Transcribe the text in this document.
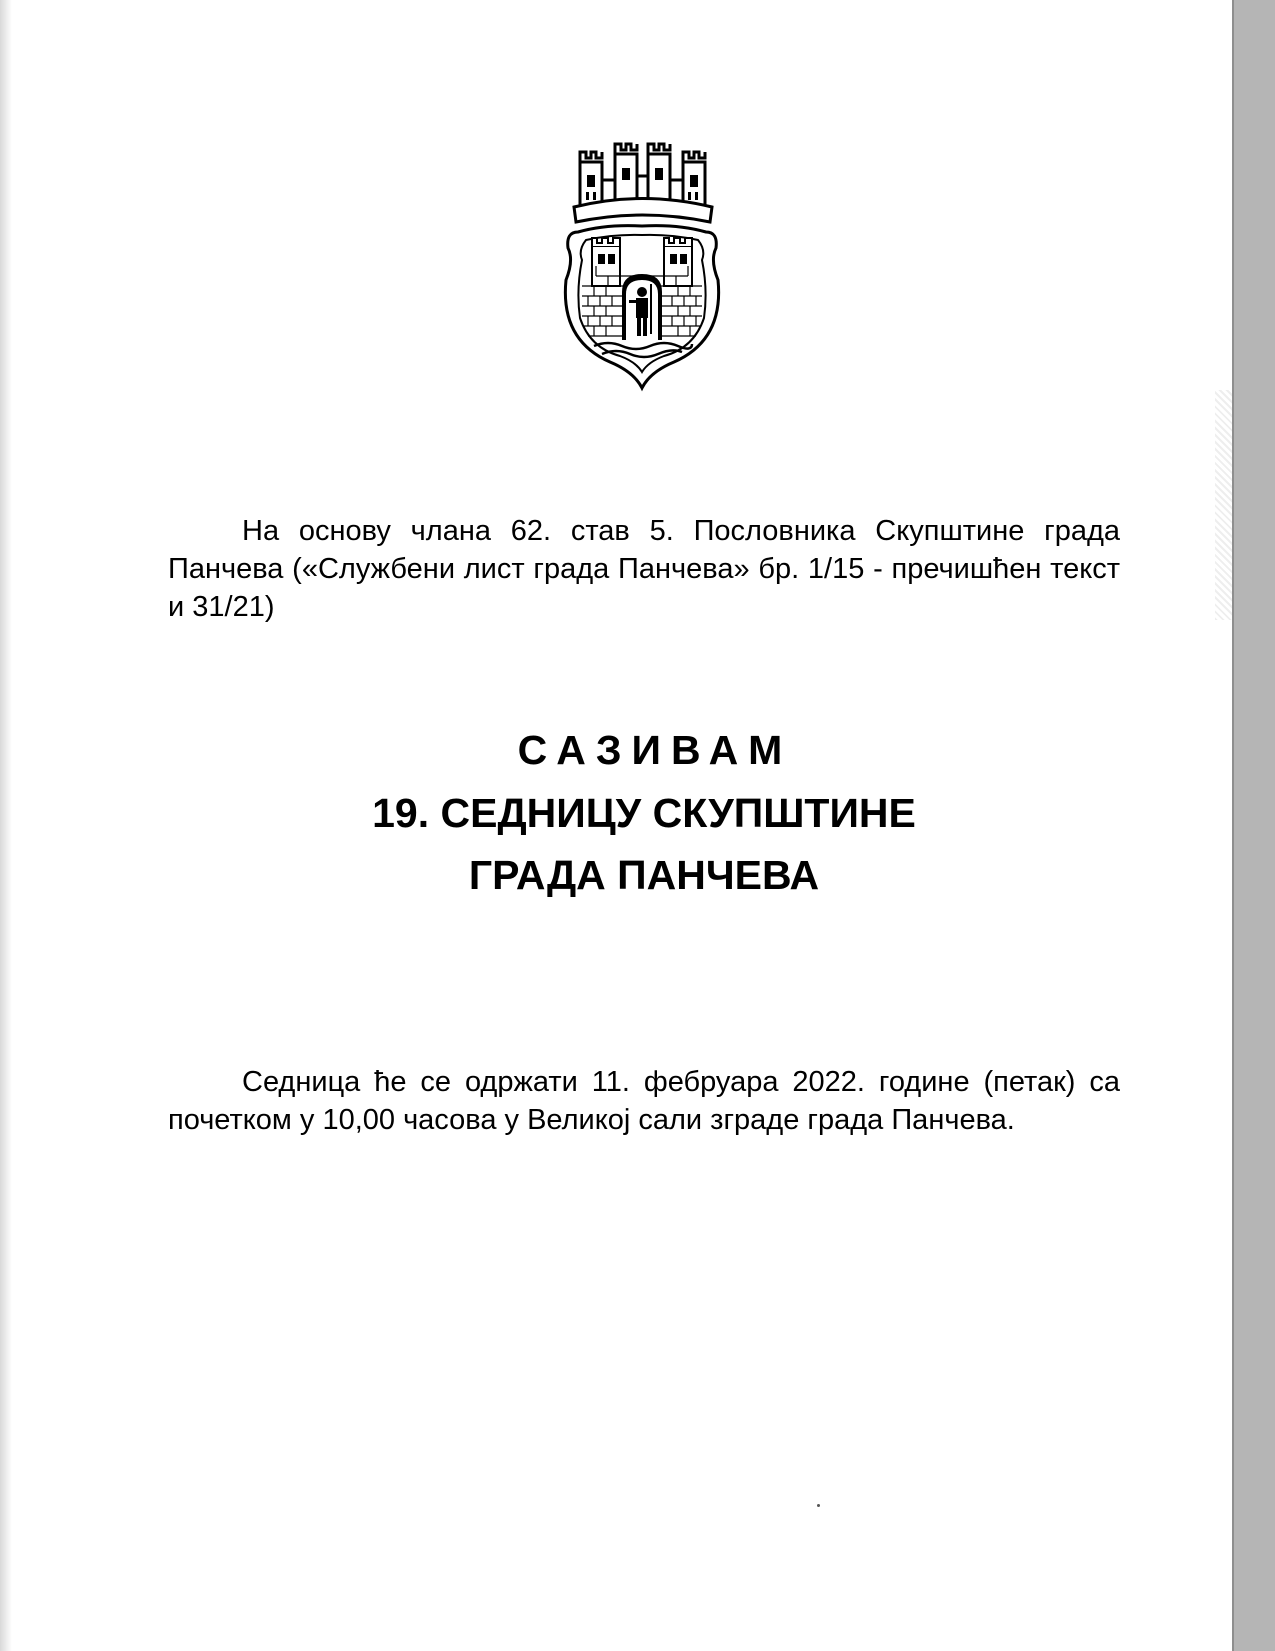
На основу члана 62. став 5. Пословника Скупштине града Панчева («Службени лист града Панчева» бр. 1/15 - пречишћен текст и 31/21)

САЗИВАМ
19. СЕДНИЦУ СКУПШТИНЕ
ГРАДА ПАНЧЕВА

Седница ће се одржати 11. фебруара 2022. године (петак) са почетком у 10,00 часова у Великој сали зграде града Панчева.
